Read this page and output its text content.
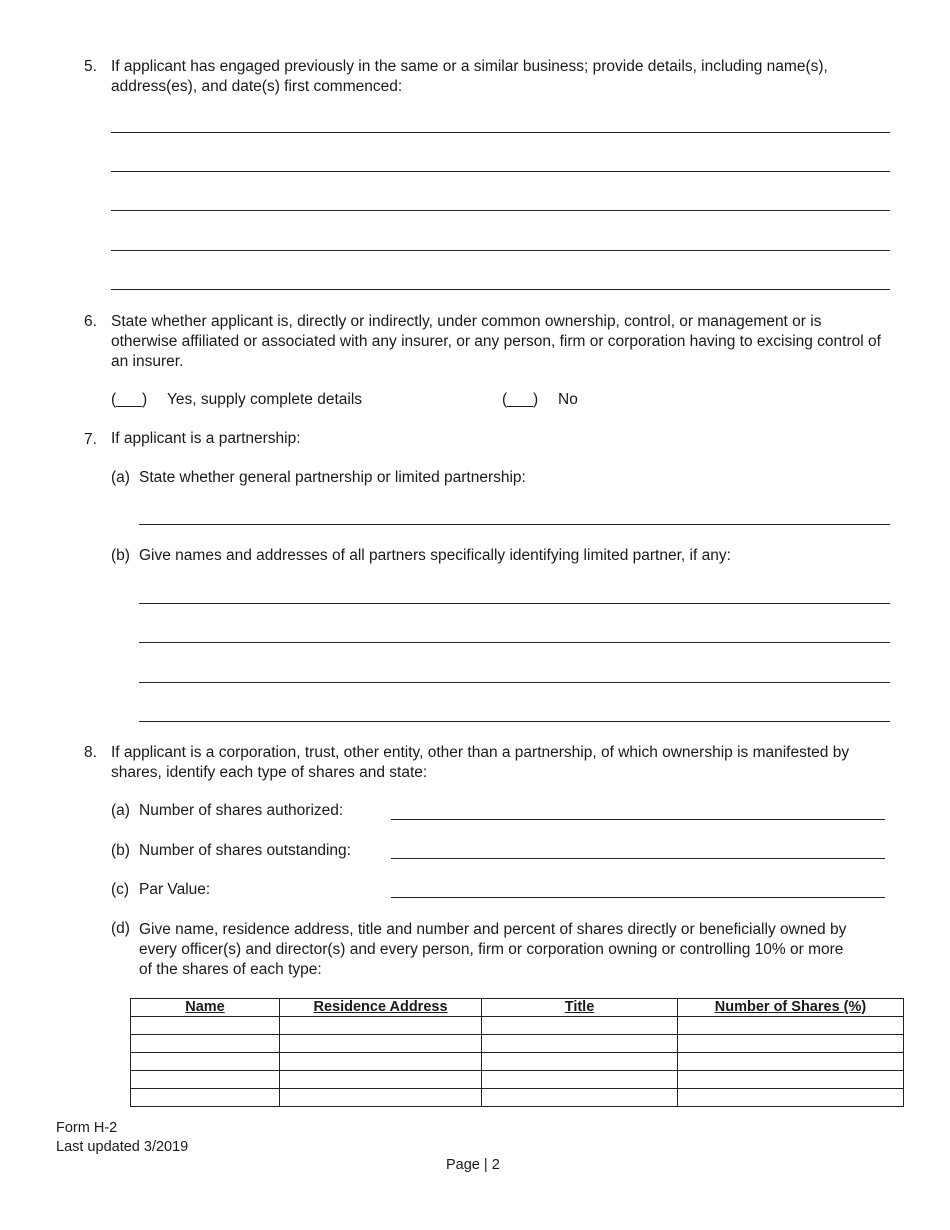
5. If applicant has engaged previously in the same or a similar business; provide details, including name(s), address(es), and date(s) first commenced:
6. State whether applicant is, directly or indirectly, under common ownership, control, or management or is otherwise affiliated or associated with any insurer, or any person, firm or corporation having to excising control of an insurer.
(___) Yes, supply complete details	(___) No
7. If applicant is a partnership:
(a) State whether general partnership or limited partnership:
(b) Give names and addresses of all partners specifically identifying limited partner, if any:
8. If applicant is a corporation, trust, other entity, other than a partnership, of which ownership is manifested by shares, identify each type of shares and state:
(a) Number of shares authorized:
(b) Number of shares outstanding:
(c) Par Value:
(d) Give name, residence address, title and number and percent of shares directly or beneficially owned by every officer(s) and director(s) and every person, firm or corporation owning or controlling 10% or more of the shares of each type:
Name	Residence Address	Title	Number of Shares (%)

Form H-2
Last updated 3/2019
Page | 2
